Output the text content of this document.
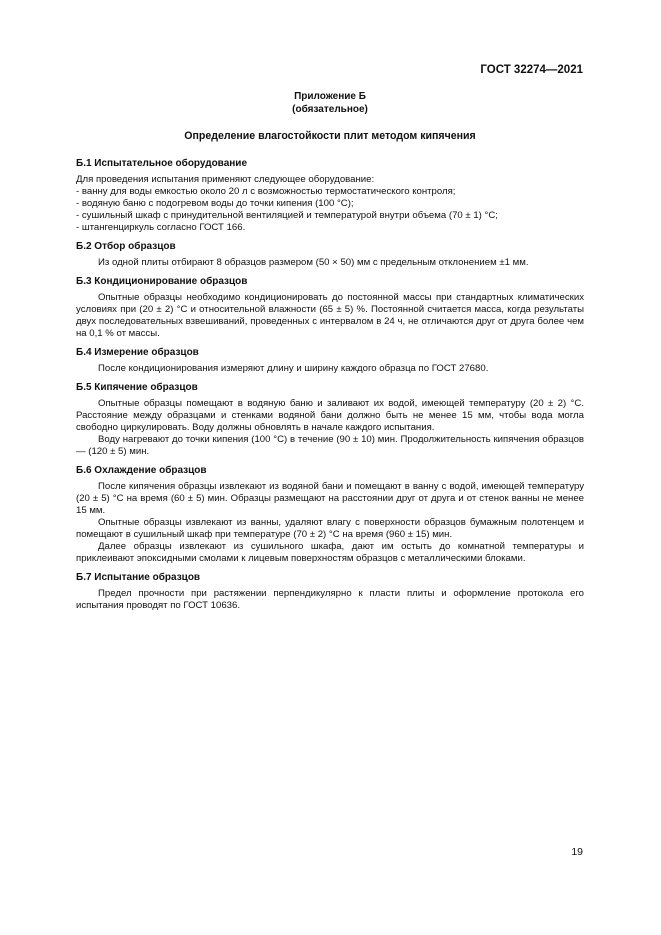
ГОСТ 32274—2021
Приложение Б
(обязательное)
Определение влагостойкости плит методом кипячения
Б.1 Испытательное оборудование

Для проведения испытания применяют следующее оборудование:

- ванну для воды емкостью около 20 л с возможностью термостатического контроля;
- водяную баню с подогревом воды до точки кипения (100 °С);
- сушильный шкаф с принудительной вентиляцией и температурой внутри объема (70 ± 1) °С;
- штангенциркуль согласно ГОСТ 166.
Б.2 Отбор образцов

Из одной плиты отбирают 8 образцов размером (50 × 50) мм с предельным отклонением ±1 мм.

Б.3 Кондиционирование образцов

Опытные образцы необходимо кондиционировать до постоянной массы при стандартных климатических условиях при (20 ± 2) °С и относительной влажности (65 ± 5) %. Постоянной считается масса, когда результаты двух последовательных взвешиваний, проведенных с интервалом в 24 ч, не отличаются друг от друга более чем на 0,1 % от массы.

Б.4 Измерение образцов

После кондиционирования измеряют длину и ширину каждого образца по ГОСТ 27680.

Б.5 Кипячение образцов

Опытные образцы помещают в водяную баню и заливают их водой, имеющей температуру (20 ± 2) °С. Расстояние между образцами и стенками водяной бани должно быть не менее 15 мм, чтобы вода могла свободно циркулировать. Воду должны обновлять в начале каждого испытания.

Воду нагревают до точки кипения (100 °С) в течение (90 ± 10) мин. Продолжительность кипячения образцов — (120 ± 5) мин.

Б.6 Охлаждение образцов

После кипячения образцы извлекают из водяной бани и помещают в ванну с водой, имеющей температуру (20 ± 5) °С на время (60 ± 5) мин. Образцы размещают на расстоянии друг от друга и от стенок ванны не менее 15 мм.

Опытные образцы извлекают из ванны, удаляют влагу с поверхности образцов бумажным полотенцем и помещают в сушильный шкаф при температуре (70 ± 2) °С на время (960 ± 15) мин.

Далее образцы извлекают из сушильного шкафа, дают им остыть до комнатной температуры и приклеивают эпоксидными смолами к лицевым поверхностям образцов с металлическими блоками.

Б.7 Испытание образцов

Предел прочности при растяжении перпендикулярно к пласти плиты и оформление протокола его испытания проводят по ГОСТ 10636.

19
